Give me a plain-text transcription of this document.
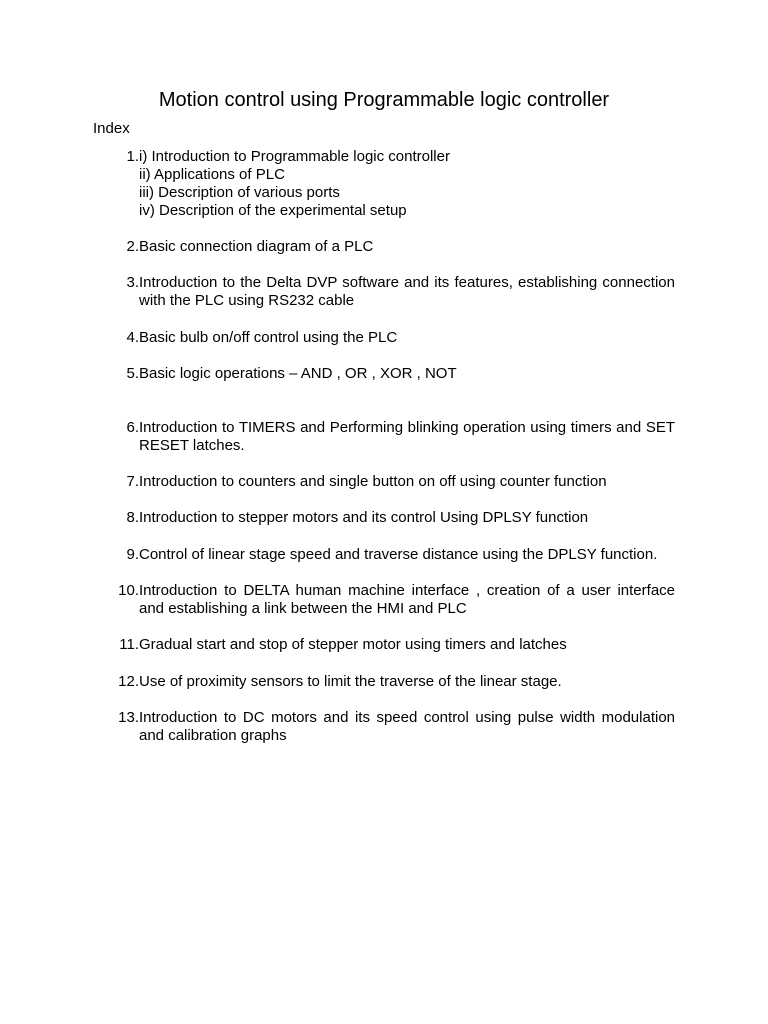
Motion control using Programmable logic controller
Index
1. i) Introduction to Programmable logic controller
ii) Applications of PLC
iii) Description of various ports
iv) Description of the experimental setup
2. Basic connection diagram of a PLC
3. Introduction to the Delta DVP software and its features, establishing connection with the PLC using RS232 cable
4. Basic bulb on/off control using the PLC
5. Basic logic operations – AND , OR , XOR , NOT
6. Introduction to TIMERS and Performing blinking operation using timers and SET RESET latches.
7. Introduction to counters and single button on off using counter function
8. Introduction to stepper motors and its control Using DPLSY function
9. Control of linear stage speed and traverse distance using the DPLSY function.
10. Introduction to DELTA human machine interface , creation of a user interface and establishing a link between the HMI and PLC
11. Gradual start and stop of stepper motor using timers and latches
12. Use of proximity sensors to limit the traverse of the linear stage.
13. Introduction to DC motors and its speed control using pulse width modulation and calibration graphs
